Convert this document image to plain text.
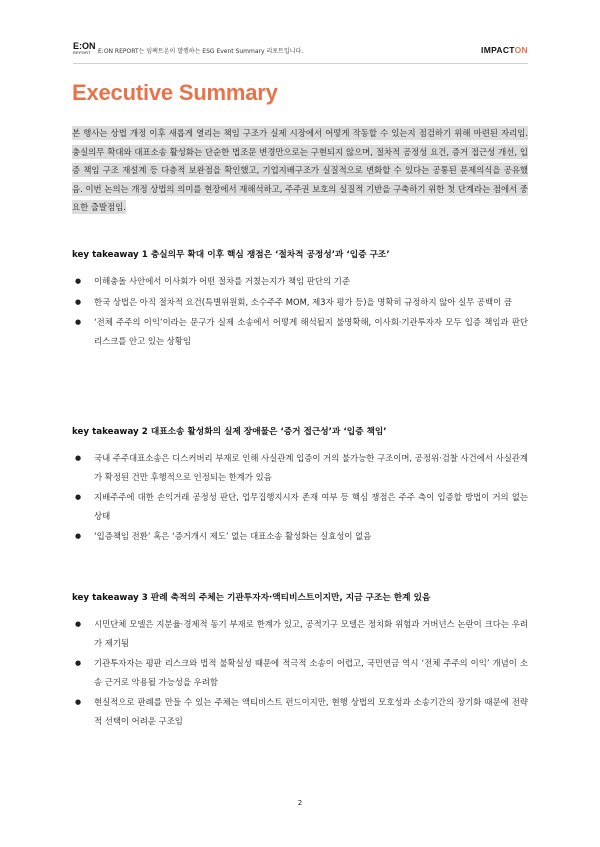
E:ON
REPORT	E:ON REPORT는 임팩트온이 발행하는 ESG Event Summary 리포트입니다.	IMPACTON
Executive Summary
본 행사는 상법 개정 이후 새롭게 열리는 책임 구조가 실제 시장에서 어떻게 작동할 수 있는지 점검하기 위해 마련된 자리임. 충실의무 확대와 대표소송 활성화는 단순한 법조문 변경만으로는 구현되지 않으며, 절차적 공정성 요건, 증거 접근성 개선, 입증 책임 구조 재설계 등 다층적 보완점을 확인했고, 기업지배구조가 실질적으로 변화할 수 있다는 공통된 문제의식을 공유했음. 이번 논의는 개정 상법의 의미를 현장에서 재해석하고, 주주권 보호의 실질적 기반을 구축하기 위한 첫 단계라는 점에서 중요한 출발점임.
key takeaway 1 충실의무 확대 이후 핵심 쟁점은 ‘절차적 공정성’과 ‘입증 구조’
● 이해충돌 사안에서 이사회가 어떤 절차를 거쳤는지가 책임 판단의 기준
● 한국 상법은 아직 절차적 요건(특별위원회, 소수주주 MOM, 제3자 평가 등)을 명확히 규정하지 않아 실무 공백이 큼
● ‘전체 주주의 이익’이라는 문구가 실제 소송에서 어떻게 해석될지 불명확해, 이사회·기관투자자 모두 입증 책임과 판단 리스크를 안고 있는 상황임
key takeaway 2 대표소송 활성화의 실제 장애물은 ‘증거 접근성’과 ‘입증 책임’
● 국내 주주대표소송은 디스커버리 부재로 인해 사실관계 입증이 거의 불가능한 구조이며, 공정위·검찰 사건에서 사실관계가 확정된 건만 후행적으로 인정되는 한계가 있음
● 지배주주에 대한 손익거래 공정성 판단, 업무집행지시자 존재 여부 등 핵심 쟁점은 주주 측이 입증할 방법이 거의 없는 상태
● ‘입증책임 전환’ 혹은 ‘증거개시 제도’ 없는 대표소송 활성화는 실효성이 없음
key takeaway 3 판례 축적의 주체는 기관투자자·액티비스트이지만, 지금 구조는 한계 있음
● 시민단체 모델은 지분율·경제적 동기 부재로 한계가 있고, 공적기구 모델은 정치화 위험과 거버넌스 논란이 크다는 우려가 제기됨
● 기관투자자는 평판 리스크와 법적 불확실성 때문에 적극적 소송이 어렵고, 국민연금 역시 ‘전체 주주의 이익’ 개념이 소송 근거로 악용될 가능성을 우려함
● 현실적으로 판례를 만들 수 있는 주체는 액티비스트 펀드이지만, 현행 상법의 모호성과 소송기간의 장기화 때문에 전략적 선택이 어려운 구조임
2
